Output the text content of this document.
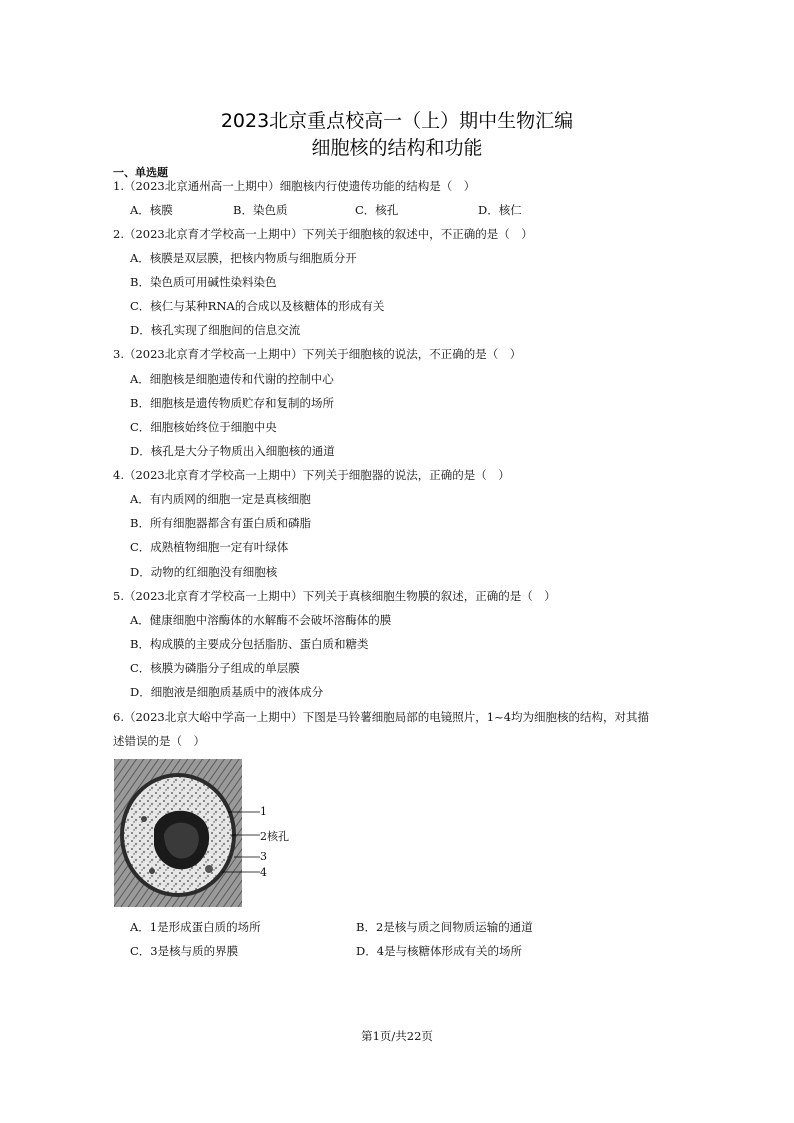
2023北京重点校高一（上）期中生物汇编
细胞核的结构和功能
一、单选题
1.（2023北京通州高一上期中）细胞核内行使遗传功能的结构是（　）
A．核膜	B．染色质	C．核孔	D．核仁
2.（2023北京育才学校高一上期中）下列关于细胞核的叙述中，不正确的是（　）
A．核膜是双层膜，把核内物质与细胞质分开
B．染色质可用碱性染料染色
C．核仁与某种RNA的合成以及核糖体的形成有关
D．核孔实现了细胞间的信息交流
3.（2023北京育才学校高一上期中）下列关于细胞核的说法，不正确的是（　）
A．细胞核是细胞遗传和代谢的控制中心
B．细胞核是遗传物质贮存和复制的场所
C．细胞核始终位于细胞中央
D．核孔是大分子物质出入细胞核的通道
4.（2023北京育才学校高一上期中）下列关于细胞器的说法，正确的是（　）
A．有内质网的细胞一定是真核细胞
B．所有细胞器都含有蛋白质和磷脂
C．成熟植物细胞一定有叶绿体
D．动物的红细胞没有细胞核
5.（2023北京育才学校高一上期中）下列关于真核细胞生物膜的叙述，正确的是（　）
A．健康细胞中溶酶体的水解酶不会破坏溶酶体的膜
B．构成膜的主要成分包括脂肪、蛋白质和糖类
C．核膜为磷脂分子组成的单层膜
D．细胞液是细胞质基质中的液体成分
6.（2023北京大峪中学高一上期中）下图是马铃薯细胞局部的电镜照片，1~4均为细胞核的结构，对其描
述错误的是（　）
1
2核孔
3
4
A．1是形成蛋白质的场所	B．2是核与质之间物质运输的通道
C．3是核与质的界膜	D．4是与核糖体形成有关的场所
第1页/共22页
